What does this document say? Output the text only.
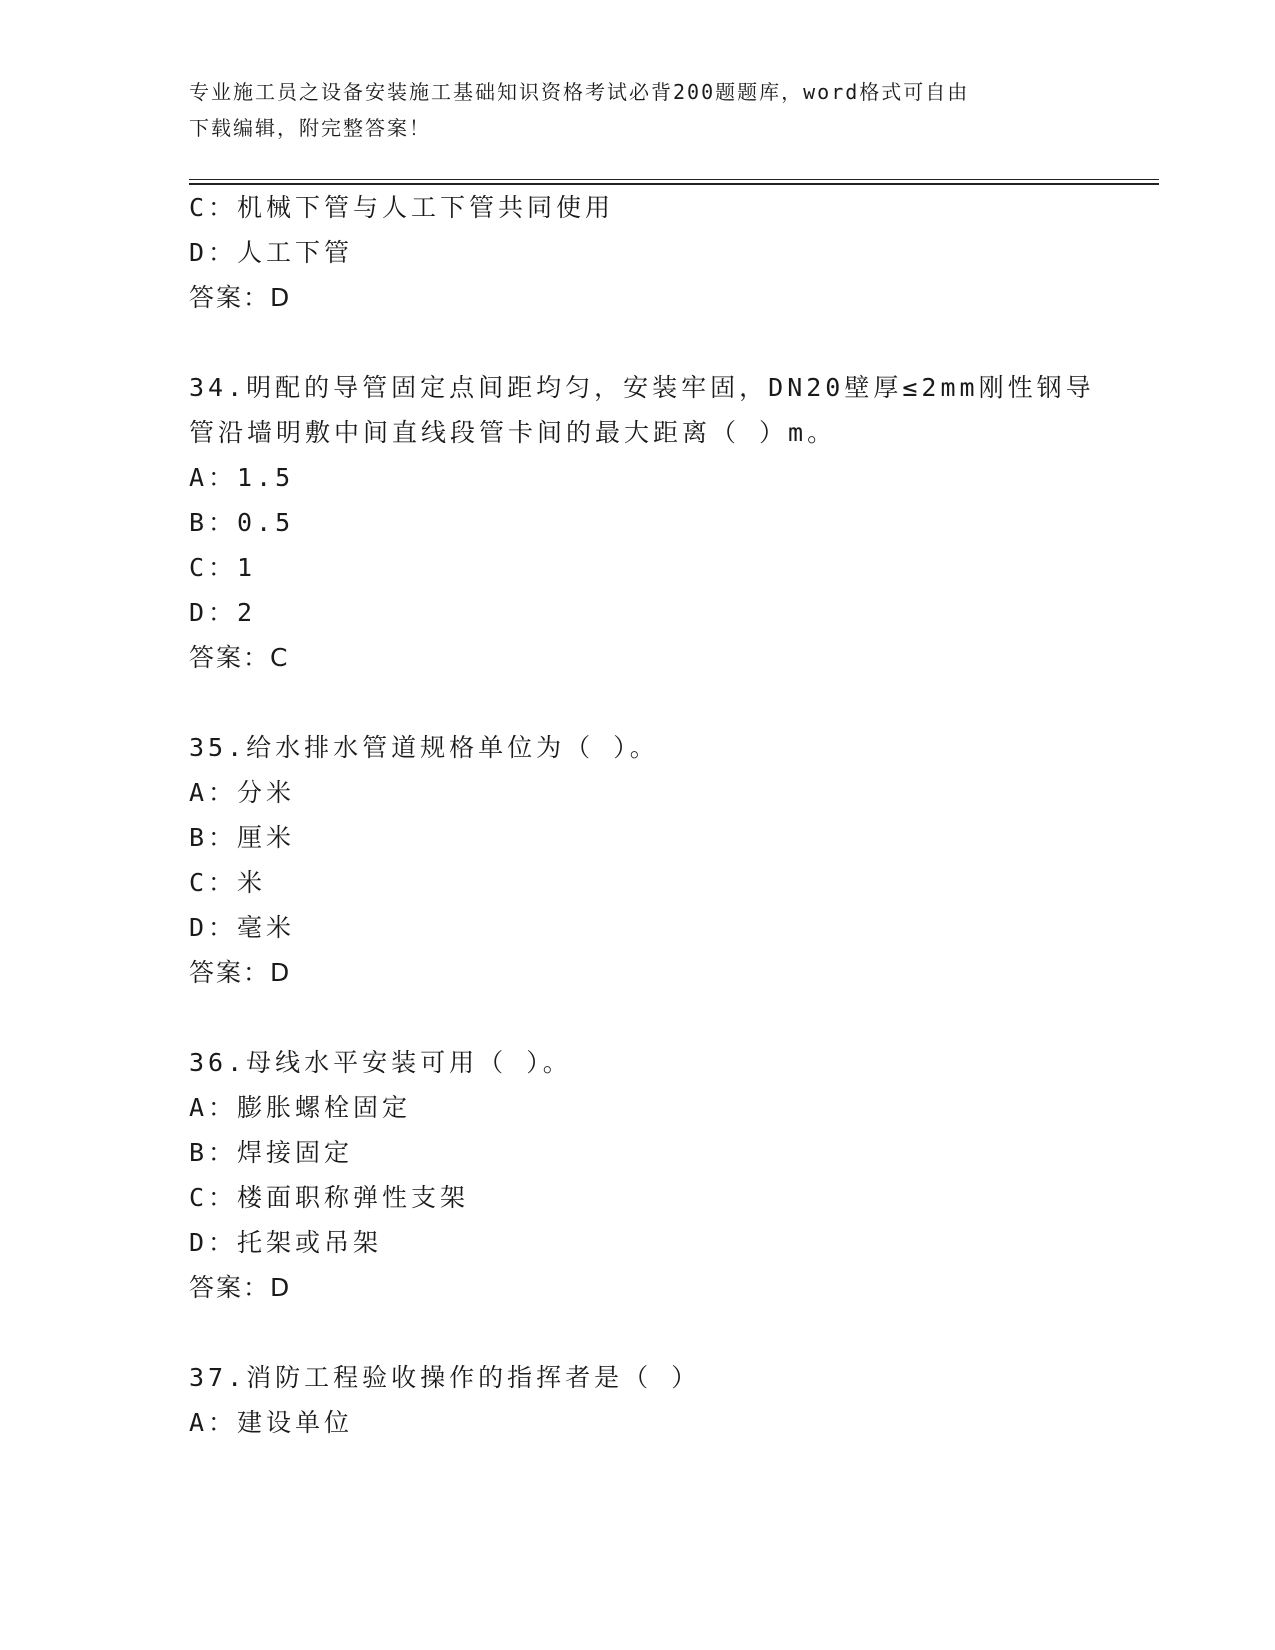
专业施工员之设备安装施工基础知识资格考试必背200题题库，word格式可自由
下载编辑，附完整答案！
C：机械下管与人工下管共同使用
D：人工下管
答案：D
34.明配的导管固定点间距均匀，安装牢固，DN20壁厚≤2mm刚性钢导
管沿墙明敷中间直线段管卡间的最大距离（ ）m。
A：1.5
B：0.5
C：1
D：2
答案：C
35.给水排水管道规格单位为（ ）。
A：分米
B：厘米
C：米
D：毫米
答案：D
36.母线水平安装可用（ ）。
A：膨胀螺栓固定
B：焊接固定
C：楼面职称弹性支架
D：托架或吊架
答案：D
37.消防工程验收操作的指挥者是（ ）
A：建设单位
